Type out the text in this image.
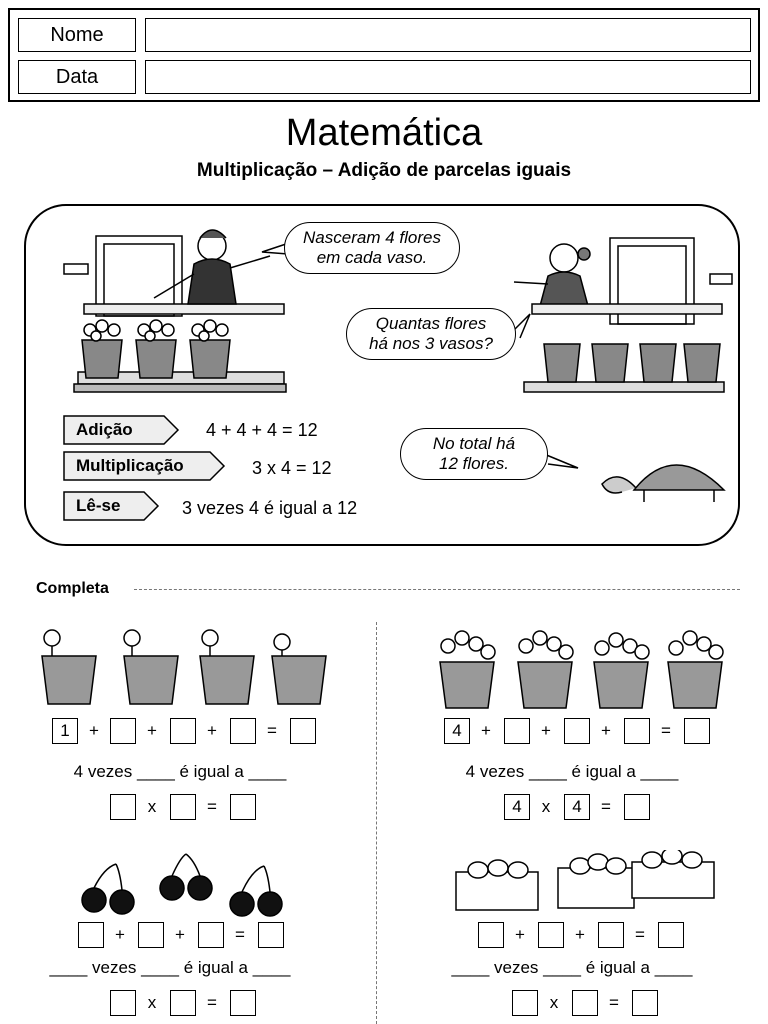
Nome
Data
Matemática
Multiplicação – Adição de parcelas iguais
Nasceram 4 flores
em cada vaso.
Quantas flores
há nos 3 vasos?
No total há
12 flores.
Adição	4 + 4 + 4 = 12
Multiplicação	3 x 4 = 12
Lê-se	3 vezes 4 é igual a 12
Completa
1	+	+	+	=
4 vezes ____ é igual a ____
x	=
4	+	+	+	=
4 vezes ____ é igual a ____
4	x	4	=
+	+	=
____ vezes ____ é igual a ____
x	=
+	+	=
____ vezes ____ é igual a ____
x	=
